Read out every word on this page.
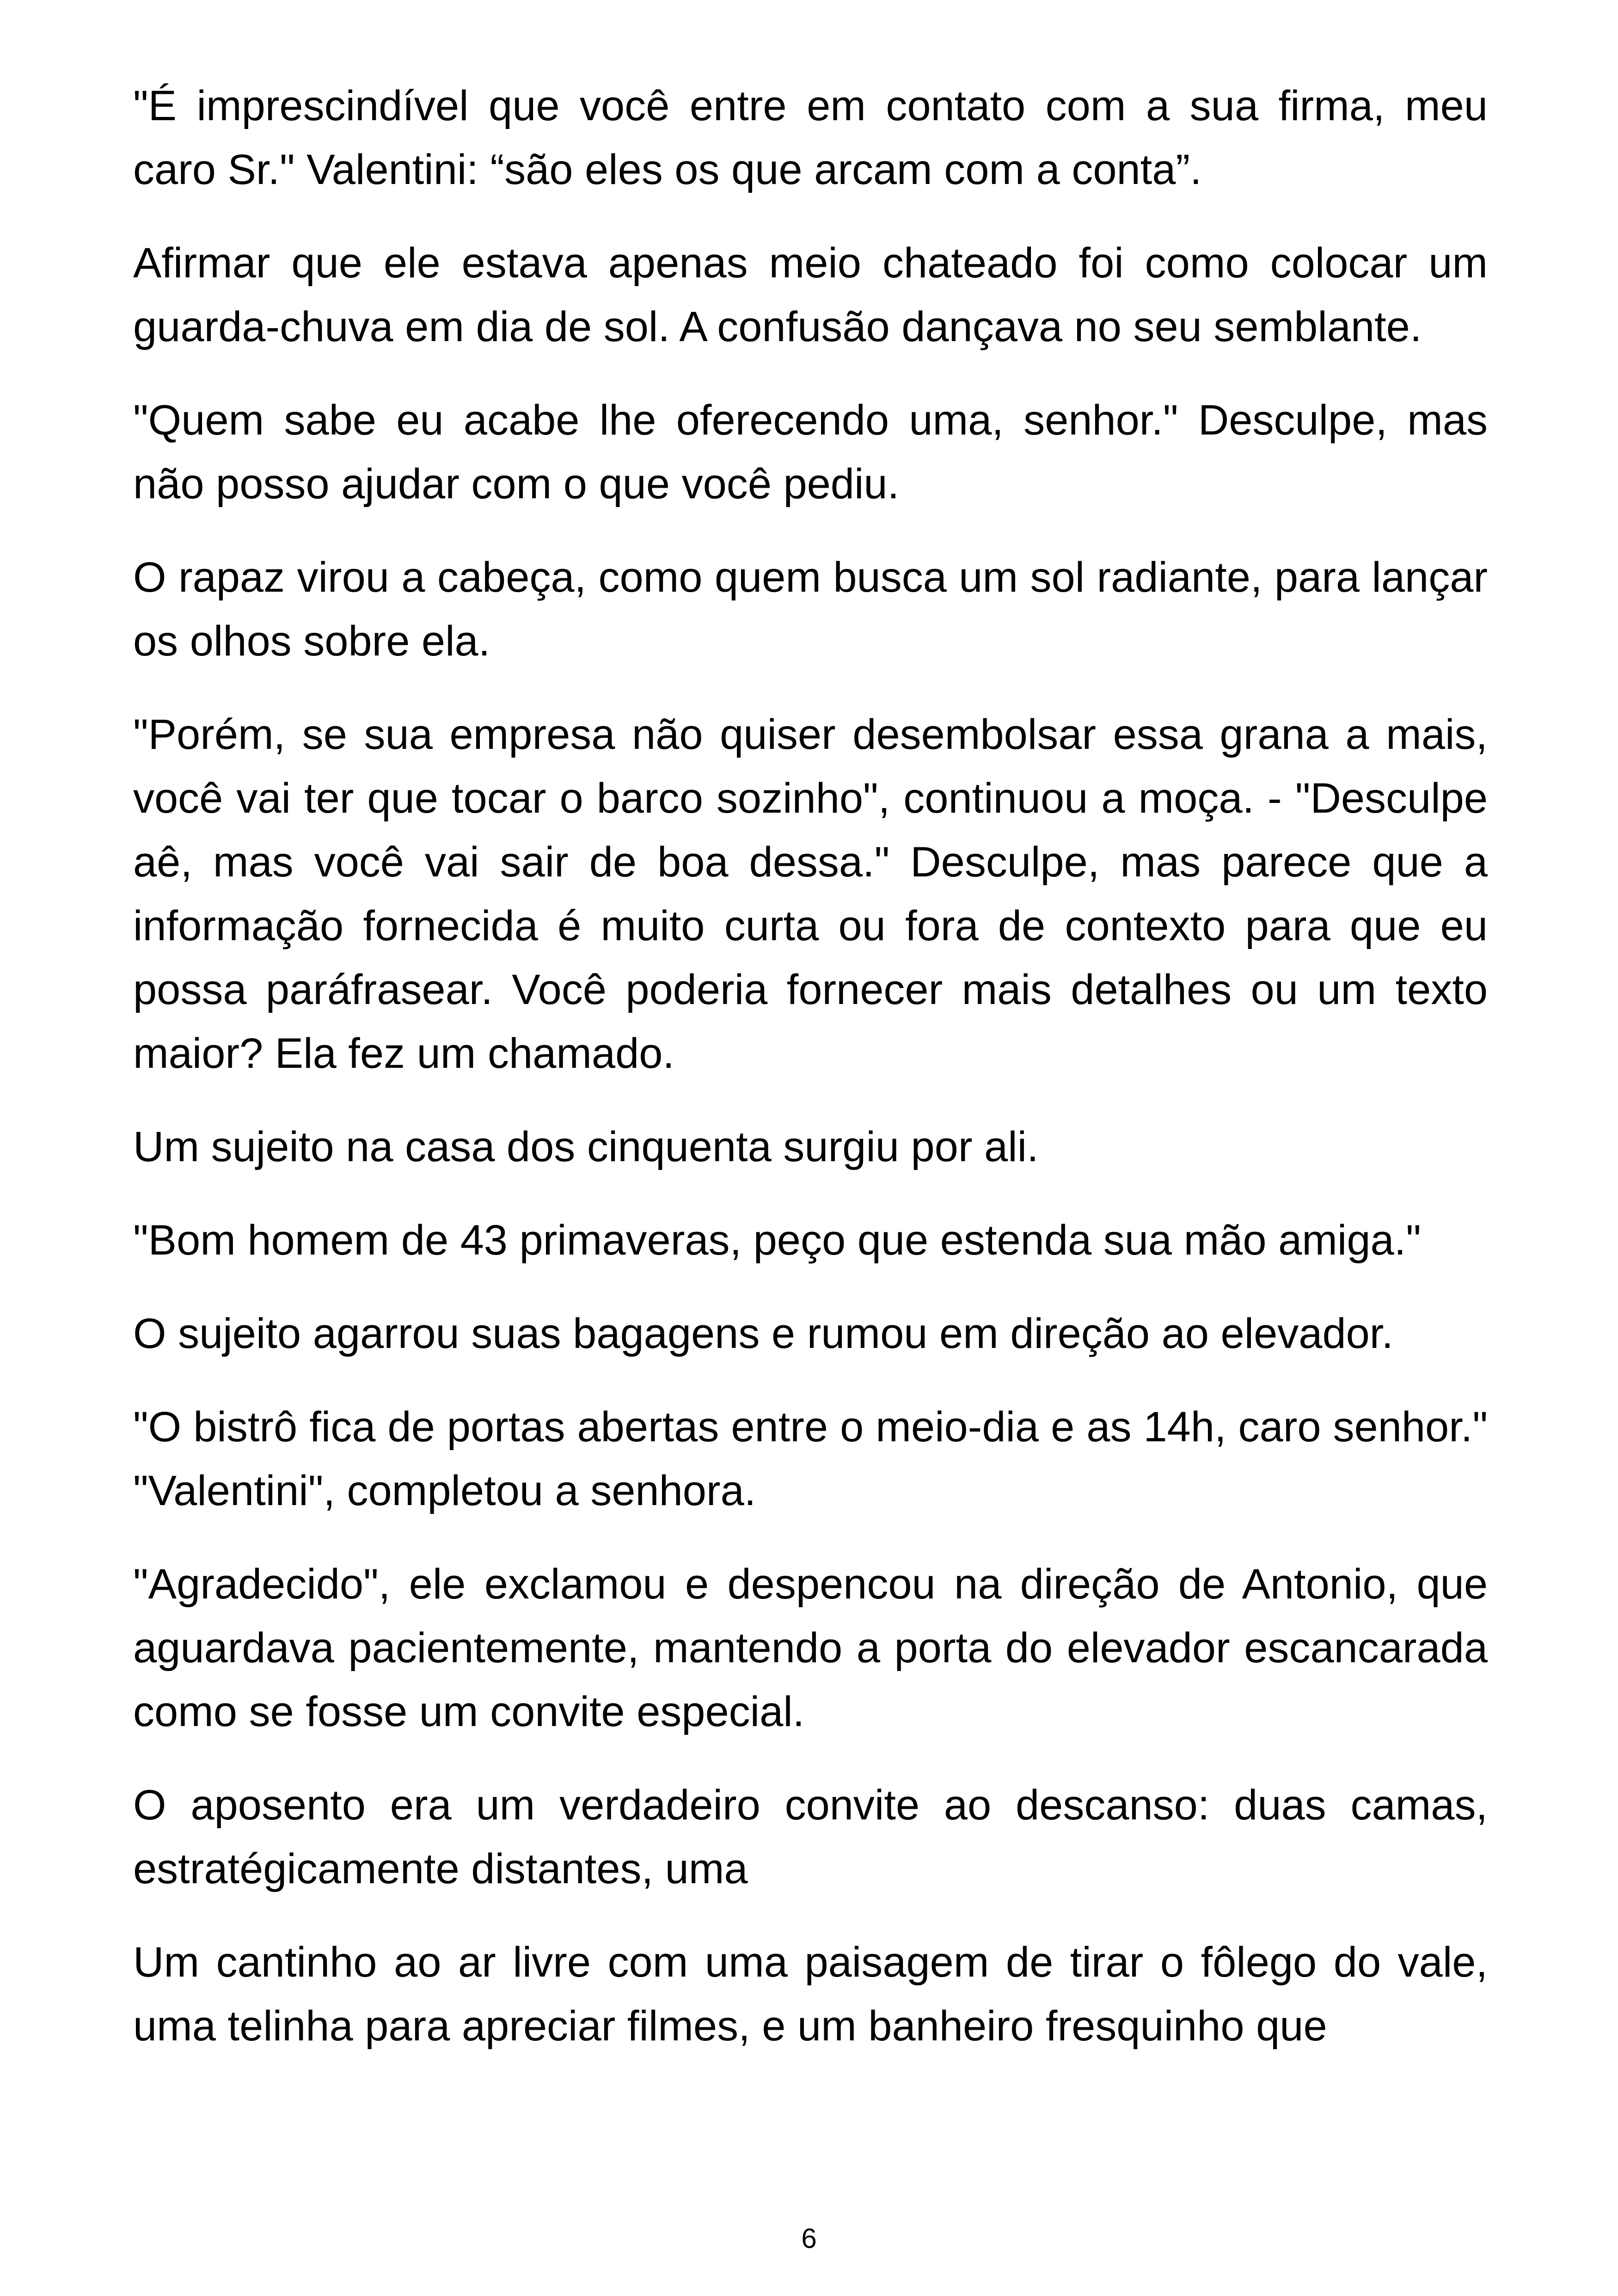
"É imprescindível que você entre em contato com a sua firma, meu caro Sr." Valentini: “são eles os que arcam com a conta”.

Afirmar que ele estava apenas meio chateado foi como colocar um guarda-chuva em dia de sol. A confusão dançava no seu semblante.

"Quem sabe eu acabe lhe oferecendo uma, senhor." Desculpe, mas não posso ajudar com o que você pediu.

O rapaz virou a cabeça, como quem busca um sol radiante, para lançar os olhos sobre ela.

"Porém, se sua empresa não quiser desembolsar essa grana a mais, você vai ter que tocar o barco sozinho", continuou a moça. - "Desculpe aê, mas você vai sair de boa dessa." Desculpe, mas parece que a informação fornecida é muito curta ou fora de contexto para que eu possa paráfrasear. Você poderia fornecer mais detalhes ou um texto maior? Ela fez um chamado.

Um sujeito na casa dos cinquenta surgiu por ali.

"Bom homem de 43 primaveras, peço que estenda sua mão amiga."

O sujeito agarrou suas bagagens e rumou em direção ao elevador.

"O bistrô fica de portas abertas entre o meio-dia e as 14h, caro senhor." "Valentini", completou a senhora.

"Agradecido", ele exclamou e despencou na direção de Antonio, que aguardava pacientemente, mantendo a porta do elevador escancarada como se fosse um convite especial.

O aposento era um verdadeiro convite ao descanso: duas camas, estratégicamente distantes, uma

Um cantinho ao ar livre com uma paisagem de tirar o fôlego do vale, uma telinha para apreciar filmes, e um banheiro fresquinho que

6
